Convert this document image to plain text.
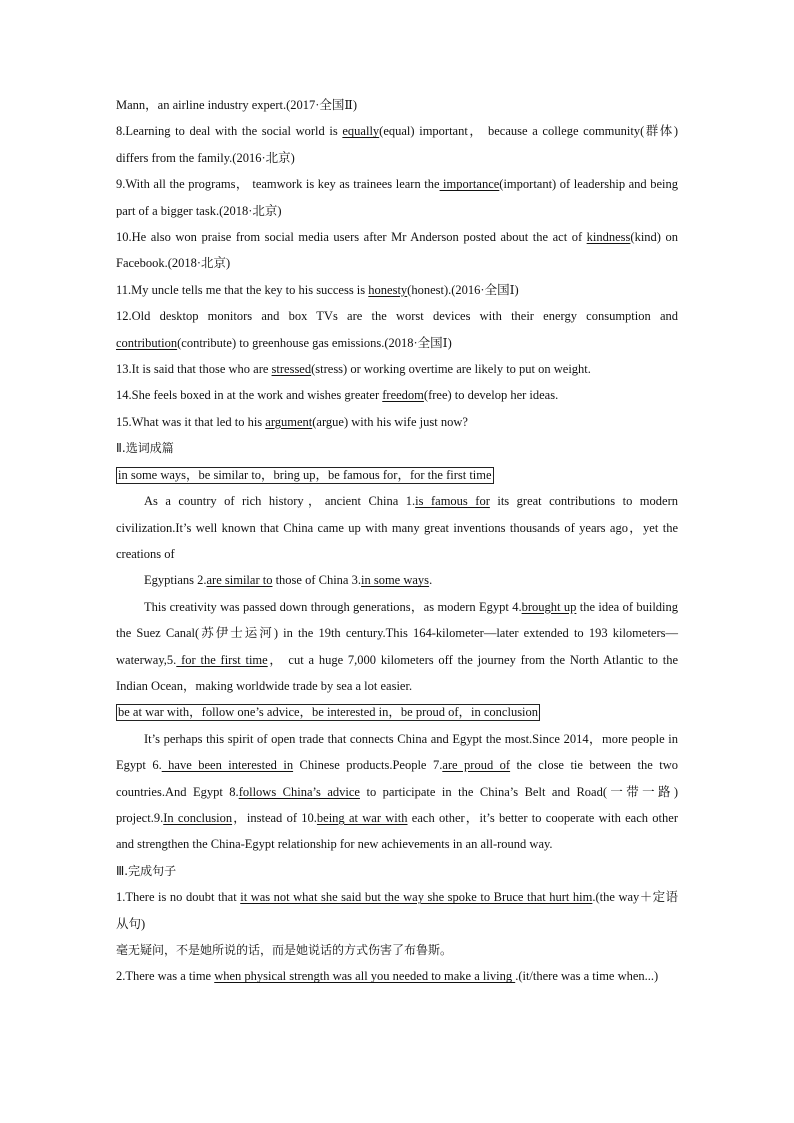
Mann，an airline industry expert.(2017·全国Ⅱ)

8.Learning to deal with the social world is equally(equal) important， because a college community(群体) differs from the family.(2016·北京)

9.With all the programs， teamwork is key as trainees learn the importance(important) of leadership and being part of a bigger task.(2018·北京)

10.He also won praise from social media users after Mr Anderson posted about the act of kindness(kind) on Facebook.(2018·北京)

11.My uncle tells me that the key to his success is honesty(honest).(2016·全国Ⅰ)

12.Old desktop monitors and box TVs are the worst devices with their energy consumption and contribution(contribute) to greenhouse gas emissions.(2018·全国Ⅰ)

13.It is said that those who are stressed(stress) or working overtime are likely to put on weight.

14.She feels boxed in at the work and wishes greater freedom(free) to develop her ideas.

15.What was it that led to his argument(argue) with his wife just now?

Ⅱ.选词成篇

in some ways，be similar to，bring up，be famous for，for the first time

As a country of rich history，ancient China 1.is famous for its great contributions to modern civilization.It’s well known that China came up with many great inventions thousands of years ago，yet the creations of

Egyptians 2.are similar to those of China 3.in some ways.

This creativity was passed down through generations，as modern Egypt 4.brought up the idea of building the Suez Canal(苏伊士运河) in the 19th century.This 164-kilometer—later extended to 193 kilometers—waterway,5. for the first time， cut a huge 7,000 kilometers off the journey from the North Atlantic to the Indian Ocean，making worldwide trade by sea a lot easier.

be at war with，follow one’s advice，be interested in，be proud of，in conclusion

It’s perhaps this spirit of open trade that connects China and Egypt the most.Since 2014，more people in Egypt 6. have been interested in Chinese products.People 7.are proud of the close tie between the two countries.And Egypt 8.follows China’s advice to participate in the China’s Belt and Road(一带一路) project.9.In conclusion，instead of 10.being at war with each other，it’s better to cooperate with each other and strengthen the China-Egypt relationship for new achievements in an all-round way.

Ⅲ.完成句子

1.There is no doubt that it was not what she said but the way she spoke to Bruce that hurt him.(the way＋定语从句)

毫无疑问，不是她所说的话，而是她说话的方式伤害了布鲁斯。

2.There was a time when physical strength was all you needed to make a living .(it/there was a time when...)
